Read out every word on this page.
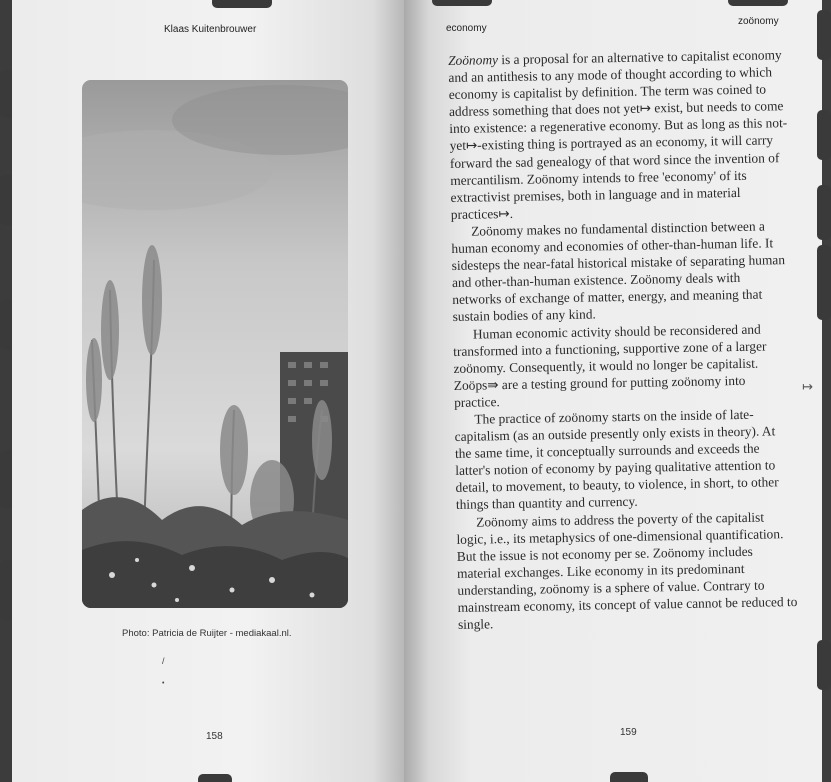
Klaas Kuitenbrouwer
Photo: Patricia de Ruijter - mediakaal.nl.
/
•
158
economy
zoönomy

Zoönomy is a proposal for an alternative to capitalist economy and an antithesis to any mode of thought according to which economy is capitalist by definition. The term was coined to address something that does not yet↦ exist, but needs to come into existence: a regenerative economy. But as long as this not-yet↦-existing thing is portrayed as an economy, it will carry forward the sad genealogy of that word since the invention of mercantilism. Zoönomy intends to free 'economy' of its extractivist premises, both in language and in material practices↦.

Zoönomy makes no fundamental distinction between a human economy and economies of other-than-human life. It sidesteps the near-fatal historical mistake of separating human and other-than-human existence. Zoönomy deals with networks of exchange of matter, energy, and meaning that sustain bodies of any kind.

Human economic activity should be reconsidered and transformed into a functioning, supportive zone of a larger zoönomy. Consequently, it would no longer be capitalist. Zoöps⇛ are a testing ground for putting zoönomy into practice.

The practice of zoönomy starts on the inside of late-capitalism (as an outside presently only exists in theory). At the same time, it conceptually surrounds and exceeds the latter's notion of economy by paying qualitative attention to detail, to movement, to beauty, to violence, in short, to other things than quantity and currency.

Zoönomy aims to address the poverty of the capitalist logic, i.e., its metaphysics of one-dimensional quantification. But the issue is not economy per se. Zoönomy includes material exchanges. Like economy in its predominant understanding, zoönomy is a sphere of value. Contrary to mainstream economy, its concept of value cannot be reduced to single.

159
↦
